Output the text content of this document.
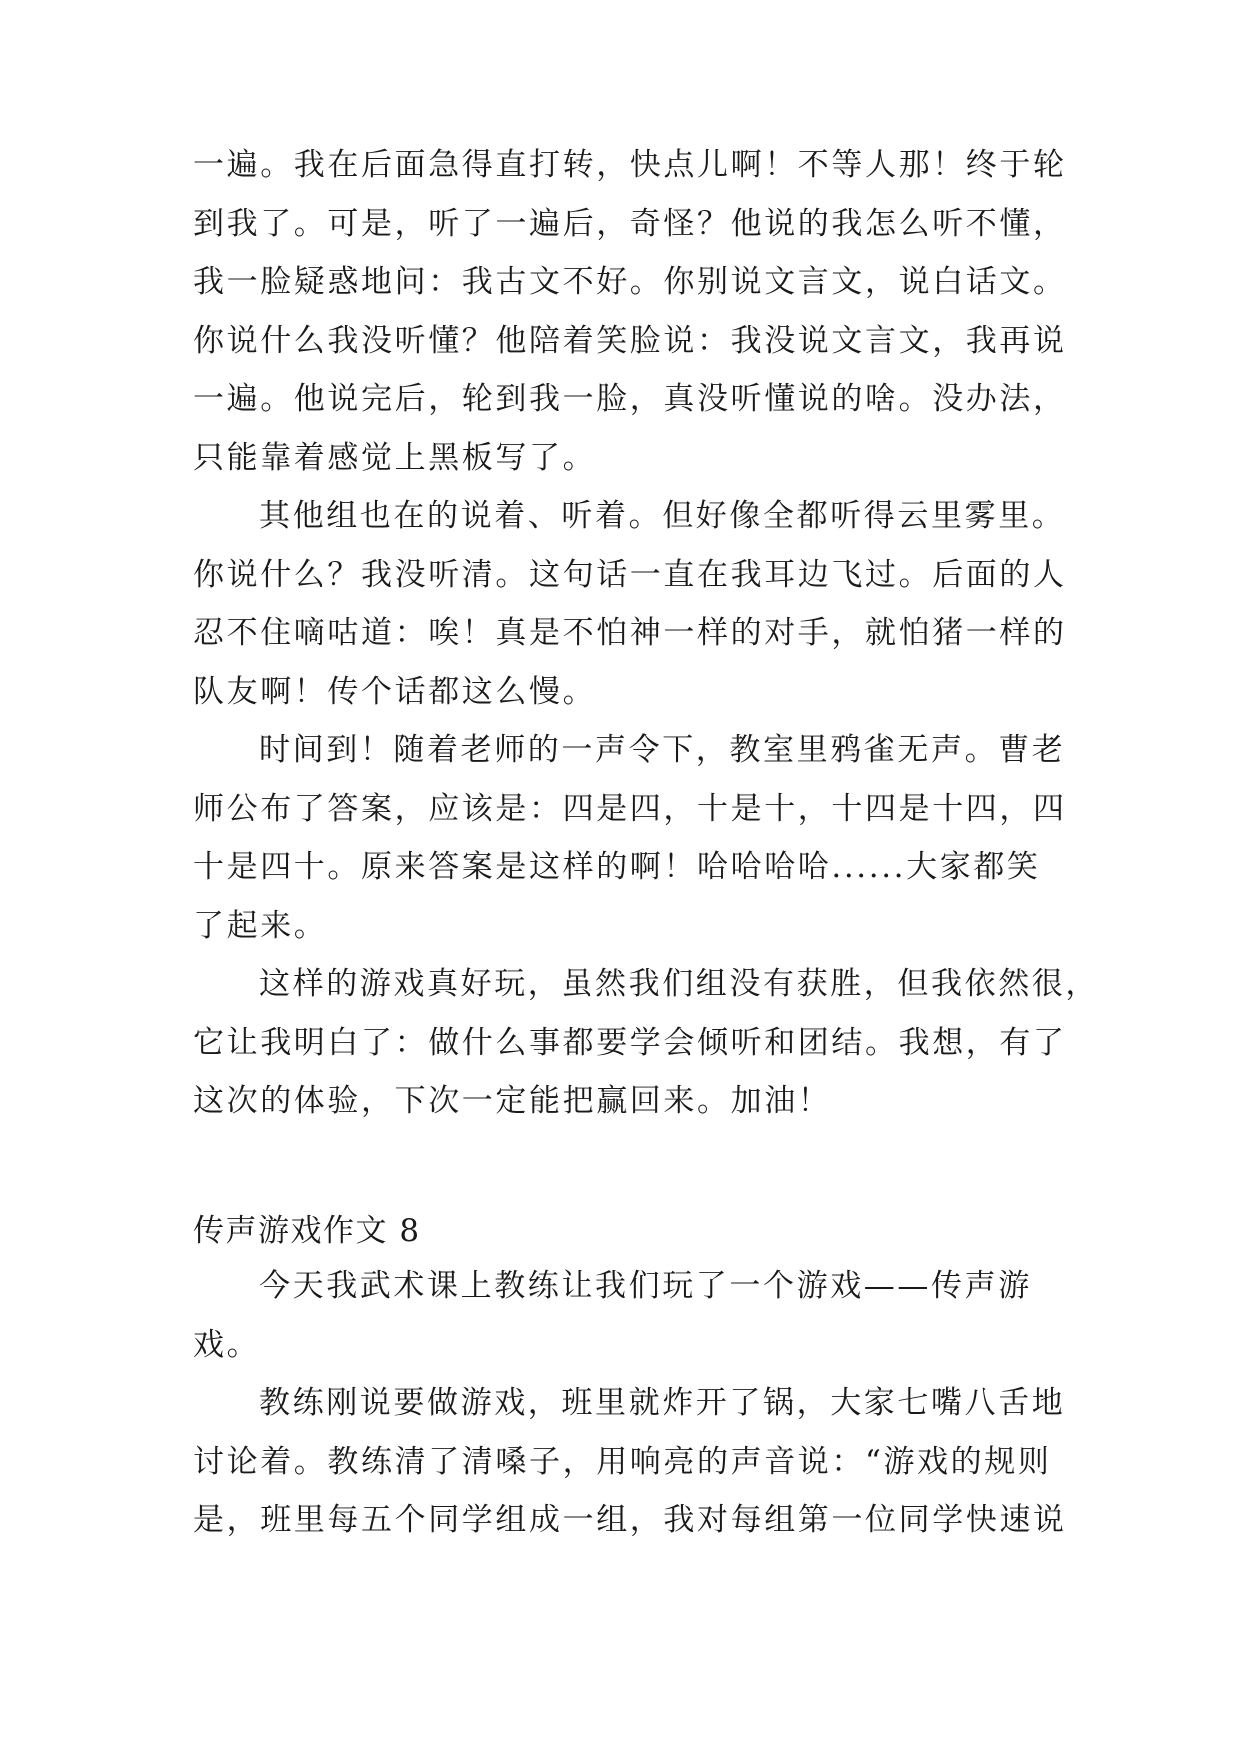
一遍。我在后面急得直打转，快点儿啊！不等人那！终于轮
到我了。可是，听了一遍后，奇怪？他说的我怎么听不懂，
我一脸疑惑地问：我古文不好。你别说文言文，说白话文。
你说什么我没听懂？他陪着笑脸说：我没说文言文，我再说
一遍。他说完后，轮到我一脸，真没听懂说的啥。没办法，
只能靠着感觉上黑板写了。
其他组也在的说着、听着。但好像全都听得云里雾里。
你说什么？我没听清。这句话一直在我耳边飞过。后面的人
忍不住嘀咕道：唉！真是不怕神一样的对手，就怕猪一样的
队友啊！传个话都这么慢。
时间到！随着老师的一声令下，教室里鸦雀无声。曹老
师公布了答案，应该是：四是四，十是十，十四是十四，四
十是四十。原来答案是这样的啊！哈哈哈哈......大家都笑
了起来。
这样的游戏真好玩，虽然我们组没有获胜，但我依然很，
它让我明白了：做什么事都要学会倾听和团结。我想，有了
这次的体验，下次一定能把赢回来。加油！
传声游戏作文 8
今天我武术课上教练让我们玩了一个游戏——传声游
戏。
教练刚说要做游戏，班里就炸开了锅，大家七嘴八舌地
讨论着。教练清了清嗓子，用响亮的声音说：“游戏的规则
是，班里每五个同学组成一组，我对每组第一位同学快速说
